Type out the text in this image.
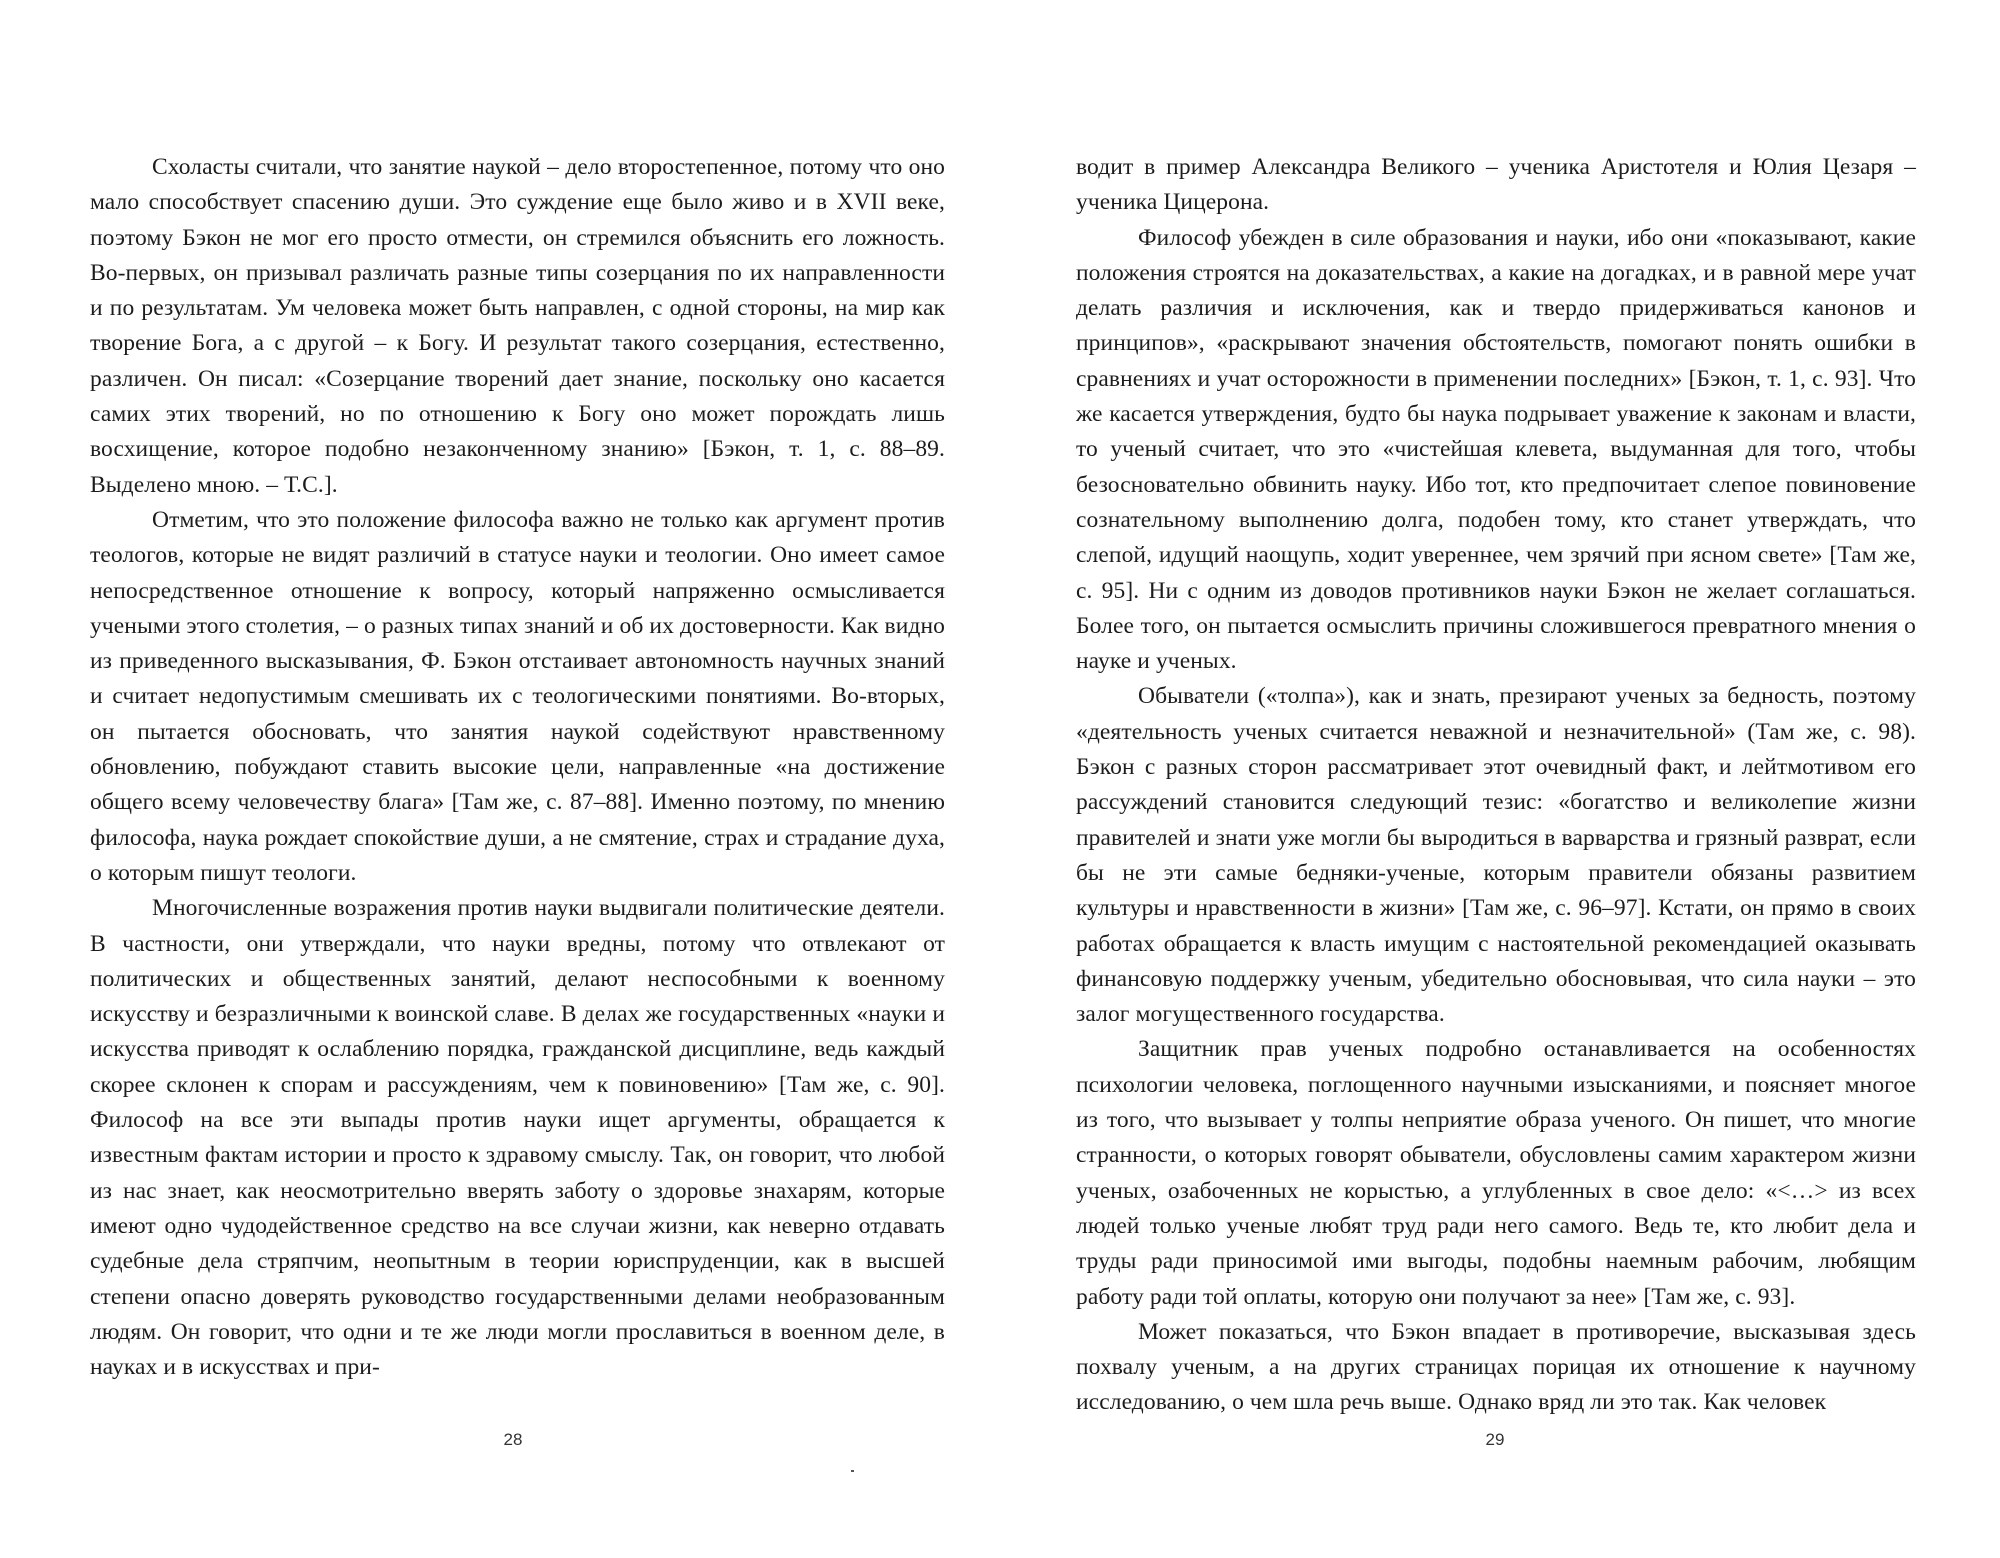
Схоласты считали, что занятие наукой – дело второстепенное, потому что оно мало способствует спасению души. Это суждение еще было живо и в XVII веке, поэтому Бэкон не мог его просто отмести, он стремился объяснить его ложность. Во-первых, он призывал различать разные типы созерцания по их направленности и по результатам. Ум человека может быть направлен, с одной стороны, на мир как творение Бога, а с другой – к Богу. И результат такого созерцания, естественно, различен. Он писал: «Созерцание творений дает знание, поскольку оно касается самих этих творений, но по отношению к Богу оно может порождать лишь восхищение, которое подобно незаконченному знанию» [Бэкон, т. 1, с. 88–89. Выделено мною. – Т.С.].

Отметим, что это положение философа важно не только как аргумент против теологов, которые не видят различий в статусе науки и теологии. Оно имеет самое непосредственное отношение к вопросу, который напряженно осмысливается учеными этого столетия, – о разных типах знаний и об их достоверности. Как видно из приведенного высказывания, Ф. Бэкон отстаивает автономность научных знаний и считает недопустимым смешивать их с теологическими понятиями. Во-вторых, он пытается обосновать, что занятия наукой содействуют нравственному обновлению, побуждают ставить высокие цели, направленные «на достижение общего всему человечеству блага» [Там же, с. 87–88]. Именно поэтому, по мнению философа, наука рождает спокойствие души, а не смятение, страх и страдание духа, о которым пишут теологи.

Многочисленные возражения против науки выдвигали политические деятели. В частности, они утверждали, что науки вредны, потому что отвлекают от политических и общественных занятий, делают неспособными к военному искусству и безразличными к воинской славе. В делах же государственных «науки и искусства приводят к ослаблению порядка, гражданской дисциплине, ведь каждый скорее склонен к спорам и рассуждениям, чем к повиновению» [Там же, с. 90]. Философ на все эти выпады против науки ищет аргументы, обращается к известным фактам истории и просто к здравому смыслу. Так, он говорит, что любой из нас знает, как неосмотрительно вверять заботу о здоровье знахарям, которые имеют одно чудодейственное средство на все случаи жизни, как неверно отдавать судебные дела стряпчим, неопытным в теории юриспруденции, как в высшей степени опасно доверять руководство государственными делами необразованным людям. Он говорит, что одни и те же люди могли прославиться в военном деле, в науках и в искусствах и при-

28

водит в пример Александра Великого – ученика Аристотеля и Юлия Цезаря – ученика Цицерона.

Философ убежден в силе образования и науки, ибо они «показывают, какие положения строятся на доказательствах, а какие на догадках, и в равной мере учат делать различия и исключения, как и твердо придерживаться канонов и принципов», «раскрывают значения обстоятельств, помогают понять ошибки в сравнениях и учат осторожности в применении последних» [Бэкон, т. 1, с. 93]. Что же касается утверждения, будто бы наука подрывает уважение к законам и власти, то ученый считает, что это «чистейшая клевета, выдуманная для того, чтобы безосновательно обвинить науку. Ибо тот, кто предпочитает слепое повиновение сознательному выполнению долга, подобен тому, кто станет утверждать, что слепой, идущий наощупь, ходит увереннее, чем зрячий при ясном свете» [Там же, с. 95]. Ни с одним из доводов противников науки Бэкон не желает соглашаться. Более того, он пытается осмыслить причины сложившегося превратного мнения о науке и ученых.

Обыватели («толпа»), как и знать, презирают ученых за бедность, поэтому «деятельность ученых считается неважной и незначительной» (Там же, с. 98). Бэкон с разных сторон рассматривает этот очевидный факт, и лейтмотивом его рассуждений становится следующий тезис: «богатство и великолепие жизни правителей и знати уже могли бы выродиться в варварства и грязный разврат, если бы не эти самые бедняки-ученые, которым правители обязаны развитием культуры и нравственности в жизни» [Там же, с. 96–97]. Кстати, он прямо в своих работах обращается к власть имущим с настоятельной рекомендацией оказывать финансовую поддержку ученым, убедительно обосновывая, что сила науки – это залог могущественного государства.

Защитник прав ученых подробно останавливается на особенностях психологии человека, поглощенного научными изысканиями, и поясняет многое из того, что вызывает у толпы неприятие образа ученого. Он пишет, что многие странности, о которых говорят обыватели, обусловлены самим характером жизни ученых, озабоченных не корыстью, а углубленных в свое дело: «<…> из всех людей только ученые любят труд ради него самого. Ведь те, кто любит дела и труды ради приносимой ими выгоды, подобны наемным рабочим, любящим работу ради той оплаты, которую они получают за нее» [Там же, с. 93].

Может показаться, что Бэкон впадает в противоречие, высказывая здесь похвалу ученым, а на других страницах порицая их отношение к научному исследованию, о чем шла речь выше. Однако вряд ли это так. Как человек

29
